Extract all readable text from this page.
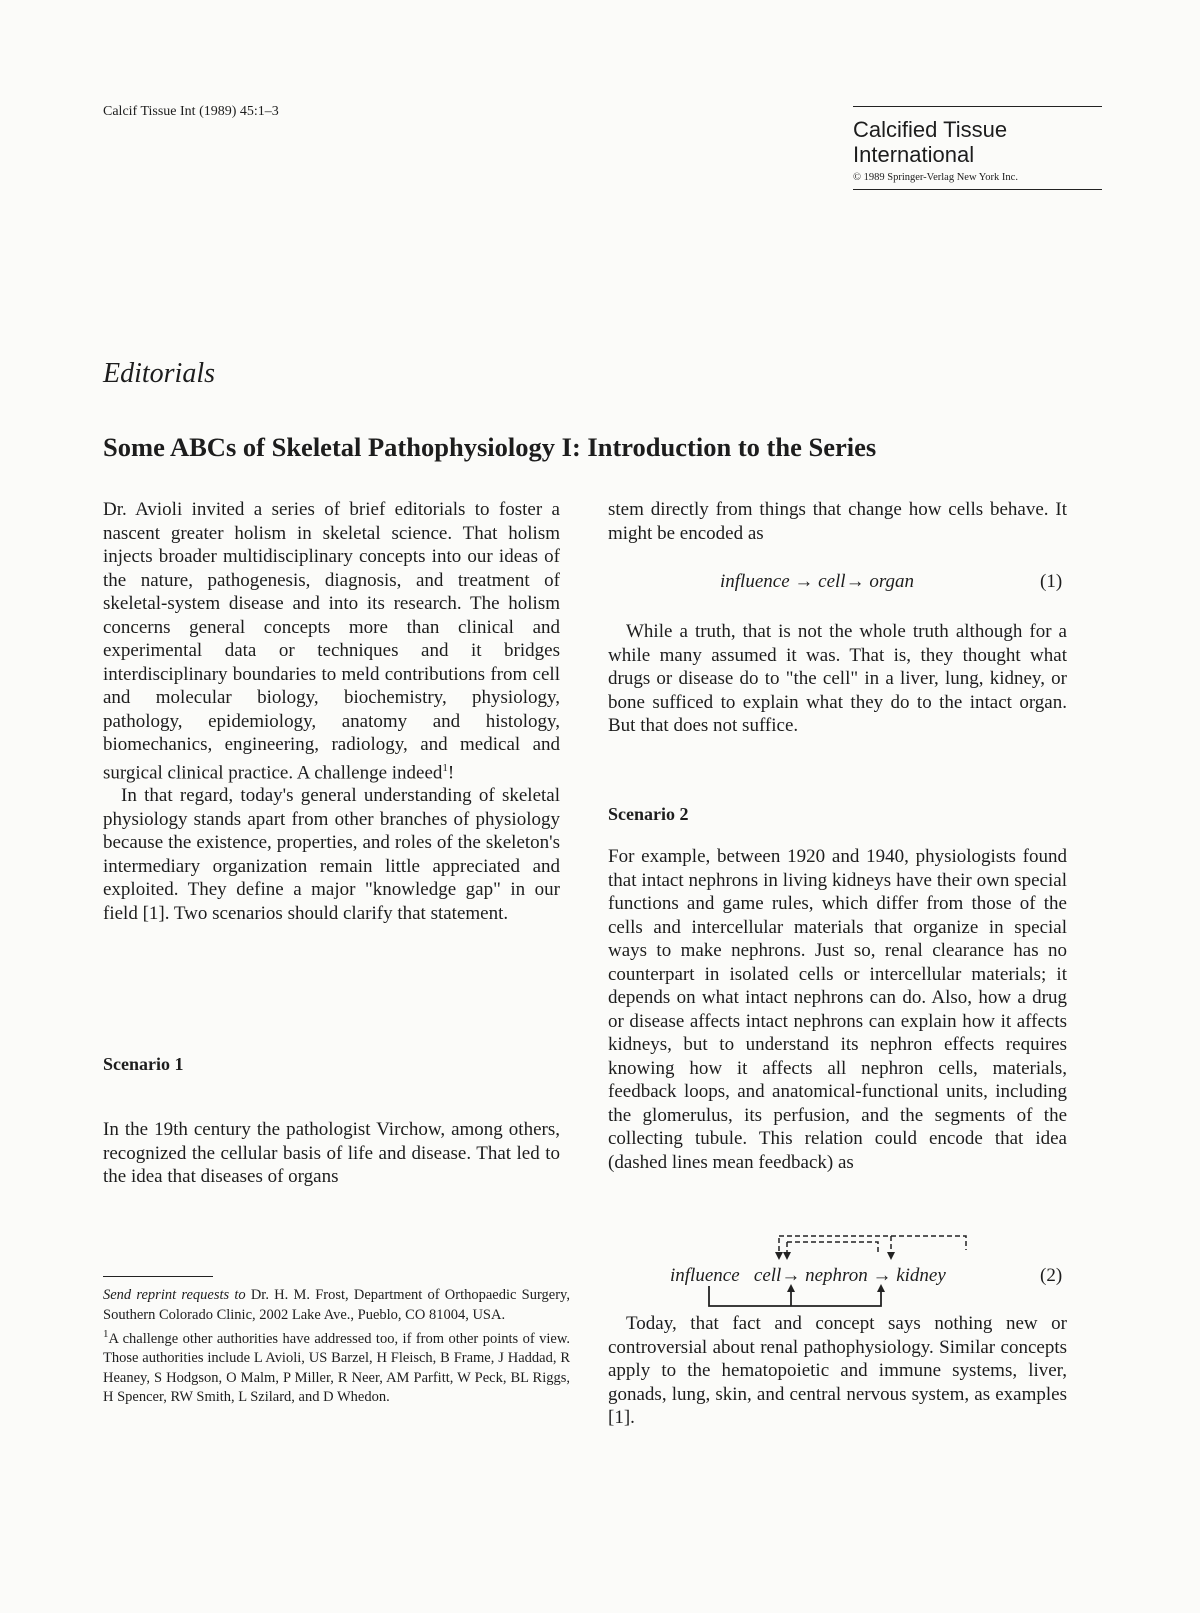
Calcif Tissue Int (1989) 45:1–3
Calcified Tissue
International
© 1989 Springer-Verlag New York Inc.
Editorials
Some ABCs of Skeletal Pathophysiology I: Introduction to the Series

Dr. Avioli invited a series of brief editorials to foster a nascent greater holism in skeletal science. That holism injects broader multidisciplinary concepts into our ideas of the nature, pathogenesis, diagnosis, and treatment of skeletal-system disease and into its research. The holism concerns general concepts more than clinical and experimental data or techniques and it bridges interdisciplinary boundaries to meld contributions from cell and molecular biology, biochemistry, physiology, pathology, epidemiology, anatomy and histology, biomechanics, engineering, radiology, and medical and surgical clinical practice. A challenge indeed$^1$!

In that regard, today's general understanding of skeletal physiology stands apart from other branches of physiology because the existence, properties, and roles of the skeleton's intermediary organization remain little appreciated and exploited. They define a major "knowledge gap" in our field [1]. Two scenarios should clarify that statement.

Scenario 1

In the 19th century the pathologist Virchow, among others, recognized the cellular basis of life and disease. That led to the idea that diseases of organs

Send reprint requests to Dr. H. M. Frost, Department of Orthopaedic Surgery, Southern Colorado Clinic, 2002 Lake Ave., Pueblo, CO 81004, USA.

$^1$A challenge other authorities have addressed too, if from other points of view. Those authorities include L Avioli, US Barzel, H Fleisch, B Frame, J Haddad, R Heaney, S Hodgson, O Malm, P Miller, R Neer, AM Parfitt, W Peck, BL Riggs, H Spencer, RW Smith, L Szilard, and D Whedon.

stem directly from things that change how cells behave. It might be encoded as

influence → cell→ organ	(1)

While a truth, that is not the whole truth although for a while many assumed it was. That is, they thought what drugs or disease do to "the cell" in a liver, lung, kidney, or bone sufficed to explain what they do to the intact organ. But that does not suffice.

Scenario 2

For example, between 1920 and 1940, physiologists found that intact nephrons in living kidneys have their own special functions and game rules, which differ from those of the cells and intercellular materials that organize in special ways to make nephrons. Just so, renal clearance has no counterpart in isolated cells or intercellular materials; it depends on what intact nephrons can do. Also, how a drug or disease affects intact nephrons can explain how it affects kidneys, but to understand its nephron effects requires knowing how it affects all nephron cells, materials, feedback loops, and anatomical-functional units, including the glomerulus, its perfusion, and the segments of the collecting tubule. This relation could encode that idea (dashed lines mean feedback) as

influence cell→ nephron → kidney	(2)

Today, that fact and concept says nothing new or controversial about renal pathophysiology. Similar concepts apply to the hematopoietic and immune systems, liver, gonads, lung, skin, and central nervous system, as examples [1].
